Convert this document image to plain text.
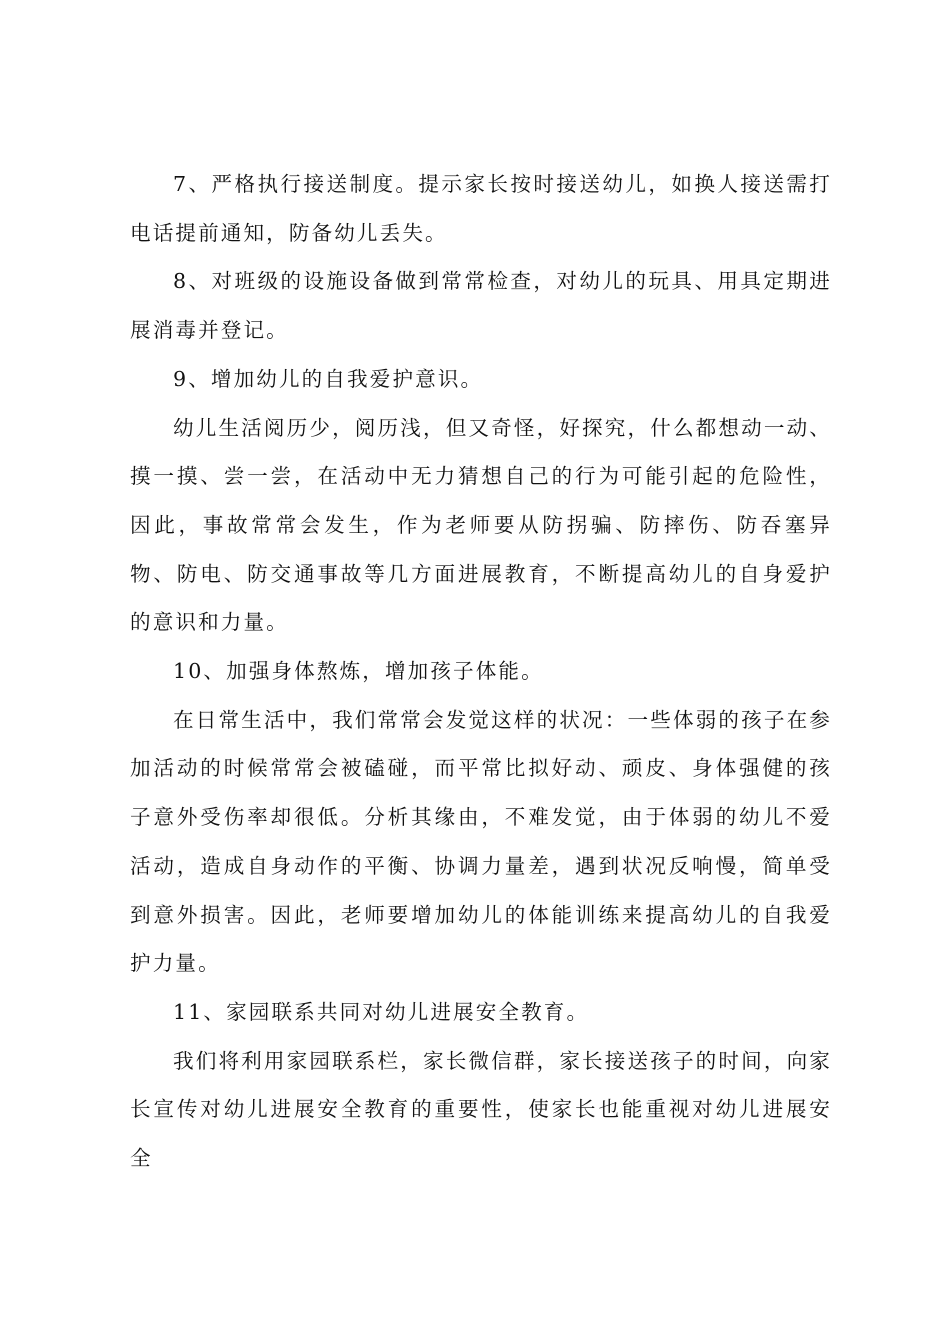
7、严格执行接送制度。提示家长按时接送幼儿，如换人接送需打电话提前通知，防备幼儿丢失。

8、对班级的设施设备做到常常检查，对幼儿的玩具、用具定期进展消毒并登记。

9、增加幼儿的自我爱护意识。

幼儿生活阅历少，阅历浅，但又奇怪，好探究，什么都想动一动、摸一摸、尝一尝，在活动中无力猜想自己的行为可能引起的危险性，因此，事故常常会发生，作为老师要从防拐骗、防摔伤、防吞塞异物、防电、防交通事故等几方面进展教育，不断提高幼儿的自身爱护的意识和力量。

10、加强身体熬炼，增加孩子体能。

在日常生活中，我们常常会发觉这样的状况：一些体弱的孩子在参加活动的时候常常会被磕碰，而平常比拟好动、顽皮、身体强健的孩子意外受伤率却很低。分析其缘由，不难发觉，由于体弱的幼儿不爱活动，造成自身动作的平衡、协调力量差，遇到状况反响慢，简单受到意外损害。因此，老师要增加幼儿的体能训练来提高幼儿的自我爱护力量。

11、家园联系共同对幼儿进展安全教育。

我们将利用家园联系栏，家长微信群，家长接送孩子的时间，向家长宣传对幼儿进展安全教育的重要性，使家长也能重视对幼儿进展安全
